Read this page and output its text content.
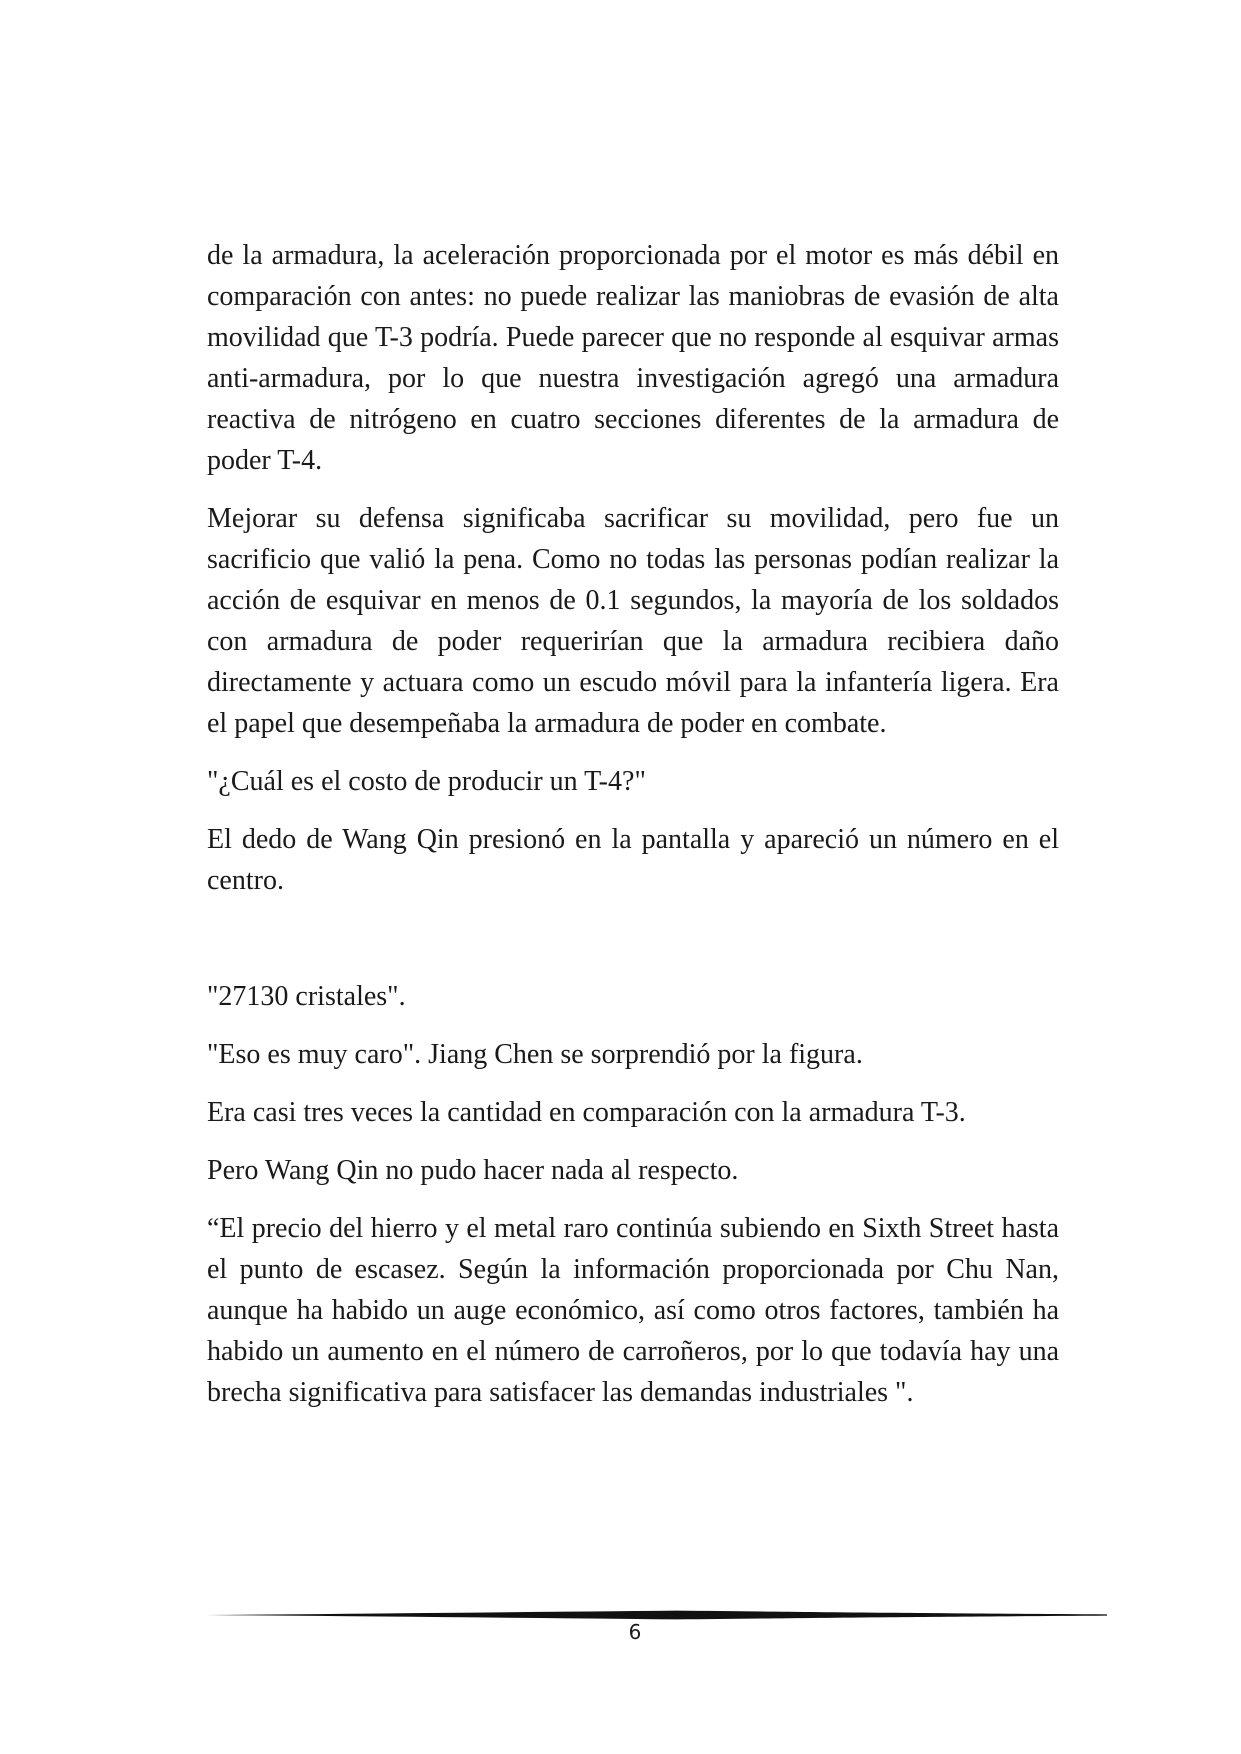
de la armadura, la aceleración proporcionada por el motor es más débil en comparación con antes: no puede realizar las maniobras de evasión de alta movilidad que T-3 podría. Puede parecer que no responde al esquivar armas anti-armadura, por lo que nuestra investigación agregó una armadura reactiva de nitrógeno en cuatro secciones diferentes de la armadura de poder T-4.

Mejorar su defensa significaba sacrificar su movilidad, pero fue un sacrificio que valió la pena. Como no todas las personas podían realizar la acción de esquivar en menos de 0.1 segundos, la mayoría de los soldados con armadura de poder requerirían que la armadura recibiera daño directamente y actuara como un escudo móvil para la infantería ligera. Era el papel que desempeñaba la armadura de poder en combate.

"¿Cuál es el costo de producir un T-4?"

El dedo de Wang Qin presionó en la pantalla y apareció un número en el centro.

"27130 cristales".

"Eso es muy caro". Jiang Chen se sorprendió por la figura.

Era casi tres veces la cantidad en comparación con la armadura T-3.

Pero Wang Qin no pudo hacer nada al respecto.

“El precio del hierro y el metal raro continúa subiendo en Sixth Street hasta el punto de escasez. Según la información proporcionada por Chu Nan, aunque ha habido un auge económico, así como otros factores, también ha habido un aumento en el número de carroñeros, por lo que todavía hay una brecha significativa para satisfacer las demandas industriales ".

6
